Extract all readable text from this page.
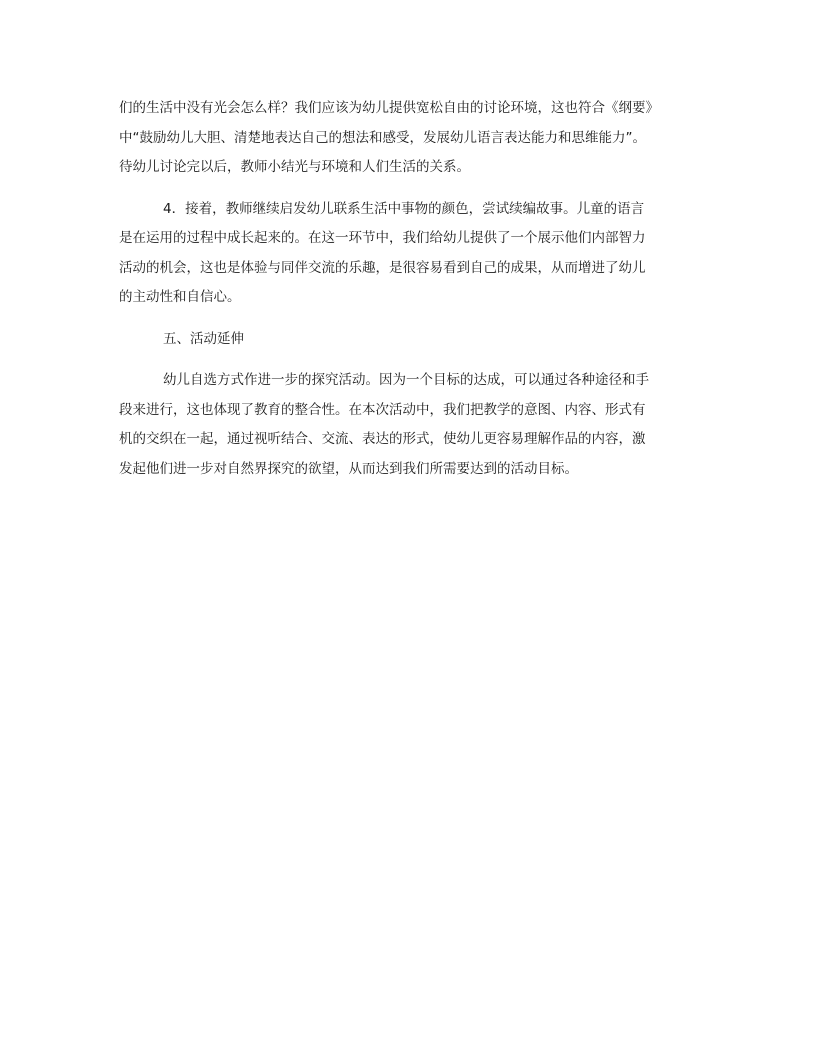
们的生活中没有光会怎么样？我们应该为幼儿提供宽松自由的讨论环境，这也符合《纲要》
中“鼓励幼儿大胆、清楚地表达自己的想法和感受，发展幼儿语言表达能力和思维能力”。
待幼儿讨论完以后，教师小结光与环境和人们生活的关系。
4．接着，教师继续启发幼儿联系生活中事物的颜色，尝试续编故事。儿童的语言
是在运用的过程中成长起来的。在这一环节中，我们给幼儿提供了一个展示他们内部智力
活动的机会，这也是体验与同伴交流的乐趣，是很容易看到自己的成果，从而增进了幼儿
的主动性和自信心。
五、活动延伸
幼儿自选方式作进一步的探究活动。因为一个目标的达成，可以通过各种途径和手
段来进行，这也体现了教育的整合性。在本次活动中，我们把教学的意图、内容、形式有
机的交织在一起，通过视听结合、交流、表达的形式，使幼儿更容易理解作品的内容，激
发起他们进一步对自然界探究的欲望，从而达到我们所需要达到的活动目标。
